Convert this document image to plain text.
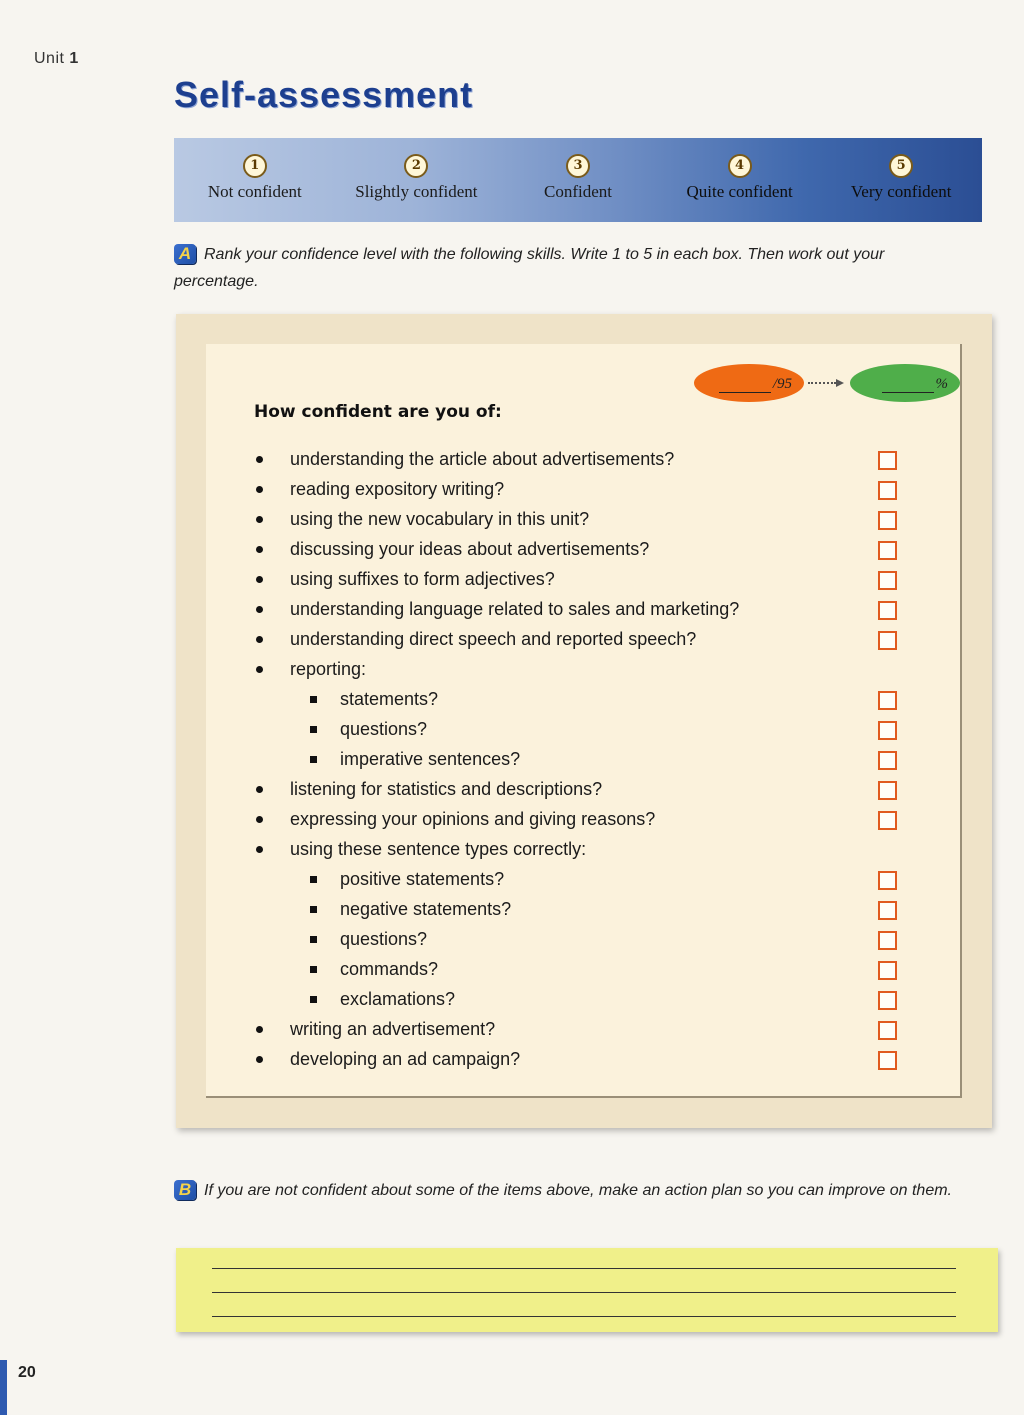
Unit 1
Self-assessment
1
Not confident
2
Slightly confident
3
Confident
4
Quite confident
5
Very confident
A Rank your confidence level with the following skills. Write 1 to 5 in each box. Then work out your percentage.
/95	%
How confident are you of:
understanding the article about advertisements?
reading expository writing?
using the new vocabulary in this unit?
discussing your ideas about advertisements?
using suffixes to form adjectives?
understanding language related to sales and marketing?
understanding direct speech and reported speech?
reporting:
statements?
questions?
imperative sentences?
listening for statistics and descriptions?
expressing your opinions and giving reasons?
using these sentence types correctly:
positive statements?
negative statements?
questions?
commands?
exclamations?
writing an advertisement?
developing an ad campaign?
B If you are not confident about some of the items above, make an action plan so you can improve on them.
20
